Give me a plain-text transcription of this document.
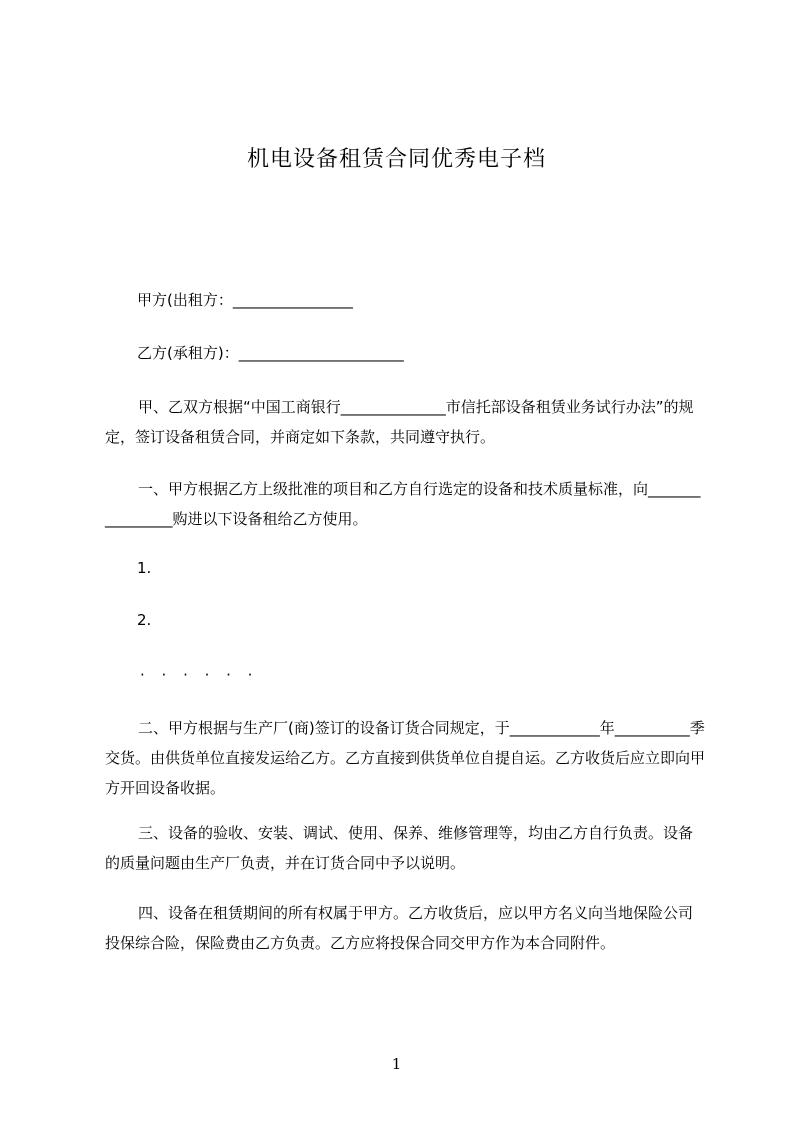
机电设备租赁合同优秀电子档
甲方(出租方：________________
乙方(承租方)：______________________
甲、乙双方根据“中国工商银行______________市信托部设备租赁业务试行办法”的规定，签订设备租赁合同，并商定如下条款，共同遵守执行。
一、甲方根据乙方上级批准的项目和乙方自行选定的设备和技术质量标准，向________________购进以下设备租给乙方使用。
1.
2.
· · · · · ·
二、甲方根据与生产厂(商)签订的设备订货合同规定，于____________年__________季交货。由供货单位直接发运给乙方。乙方直接到供货单位自提自运。乙方收货后应立即向甲方开回设备收据。
三、设备的验收、安装、调试、使用、保养、维修管理等，均由乙方自行负责。设备的质量问题由生产厂负责，并在订货合同中予以说明。
四、设备在租赁期间的所有权属于甲方。乙方收货后，应以甲方名义向当地保险公司投保综合险，保险费由乙方负责。乙方应将投保合同交甲方作为本合同附件。
1
